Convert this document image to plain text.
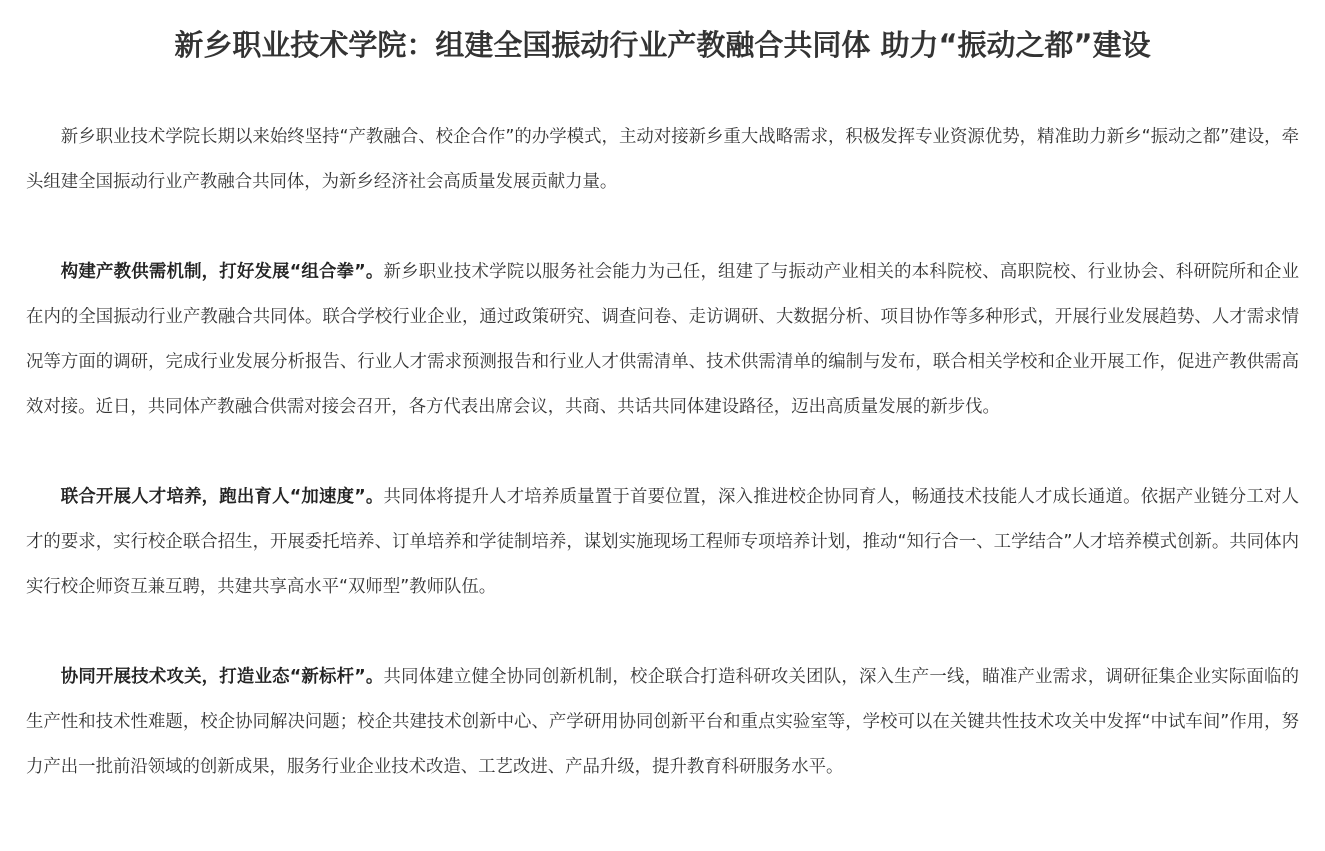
新乡职业技术学院：组建全国振动行业产教融合共同体 助力“振动之都”建设

新乡职业技术学院长期以来始终坚持“产教融合、校企合作”的办学模式，主动对接新乡重大战略需求，积极发挥专业资源优势，精准助力新乡“振动之都”建设，牵头组建全国振动行业产教融合共同体，为新乡经济社会高质量发展贡献力量。

构建产教供需机制，打好发展“组合拳”。新乡职业技术学院以服务社会能力为己任，组建了与振动产业相关的本科院校、高职院校、行业协会、科研院所和企业在内的全国振动行业产教融合共同体。联合学校行业企业，通过政策研究、调查问卷、走访调研、大数据分析、项目协作等多种形式，开展行业发展趋势、人才需求情况等方面的调研，完成行业发展分析报告、行业人才需求预测报告和行业人才供需清单、技术供需清单的编制与发布，联合相关学校和企业开展工作，促进产教供需高效对接。近日，共同体产教融合供需对接会召开，各方代表出席会议，共商、共话共同体建设路径，迈出高质量发展的新步伐。

联合开展人才培养，跑出育人“加速度”。共同体将提升人才培养质量置于首要位置，深入推进校企协同育人，畅通技术技能人才成长通道。依据产业链分工对人才的要求，实行校企联合招生，开展委托培养、订单培养和学徒制培养，谋划实施现场工程师专项培养计划，推动“知行合一、工学结合”人才培养模式创新。共同体内实行校企师资互兼互聘，共建共享高水平“双师型”教师队伍。

协同开展技术攻关，打造业态“新标杆”。共同体建立健全协同创新机制，校企联合打造科研攻关团队，深入生产一线，瞄准产业需求，调研征集企业实际面临的生产性和技术性难题，校企协同解决问题；校企共建技术创新中心、产学研用协同创新平台和重点实验室等，学校可以在关键共性技术攻关中发挥“中试车间”作用，努力产出一批前沿领域的创新成果，服务行业企业技术改造、工艺改进、产品升级，提升教育科研服务水平。
